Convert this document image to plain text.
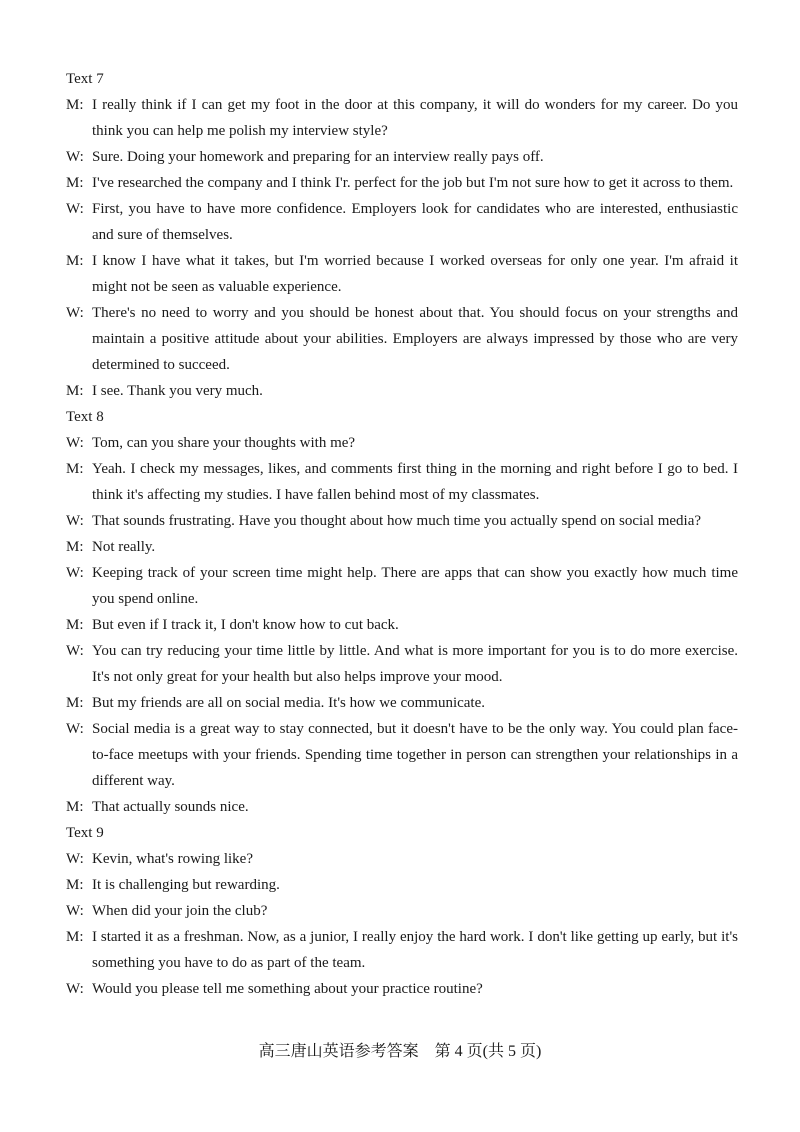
Text 7

M: I really think if I can get my foot in the door at this company, it will do wonders for my career. Do you think you can help me polish my interview style?

W: Sure. Doing your homework and preparing for an interview really pays off.

M: I've researched the company and I think I'r. perfect for the job but I'm not sure how to get it across to them.

W: First, you have to have more confidence. Employers look for candidates who are interested, enthusiastic and sure of themselves.

M: I know I have what it takes, but I'm worried because I worked overseas for only one year. I'm afraid it might not be seen as valuable experience.

W: There's no need to worry and you should be honest about that. You should focus on your strengths and maintain a positive attitude about your abilities. Employers are always impressed by those who are very determined to succeed.

M: I see. Thank you very much.

Text 8

W: Tom, can you share your thoughts with me?

M: Yeah. I check my messages, likes, and comments first thing in the morning and right before I go to bed. I think it's affecting my studies. I have fallen behind most of my classmates.

W: That sounds frustrating. Have you thought about how much time you actually spend on social media?

M: Not really.

W: Keeping track of your screen time might help. There are apps that can show you exactly how much time you spend online.

M: But even if I track it, I don't know how to cut back.

W: You can try reducing your time little by little. And what is more important for you is to do more exercise. It's not only great for your health but also helps improve your mood.

M: But my friends are all on social media. It's how we communicate.

W: Social media is a great way to stay connected, but it doesn't have to be the only way. You could plan face-to-face meetups with your friends. Spending time together in person can strengthen your relationships in a different way.

M: That actually sounds nice.

Text 9

W: Kevin, what's rowing like?

M: It is challenging but rewarding.

W: When did your join the club?

M: I started it as a freshman. Now, as a junior, I really enjoy the hard work. I don't like getting up early, but it's something you have to do as part of the team.

W: Would you please tell me something about your practice routine?

高三唐山英语参考答案　第 4 页(共 5 页)
